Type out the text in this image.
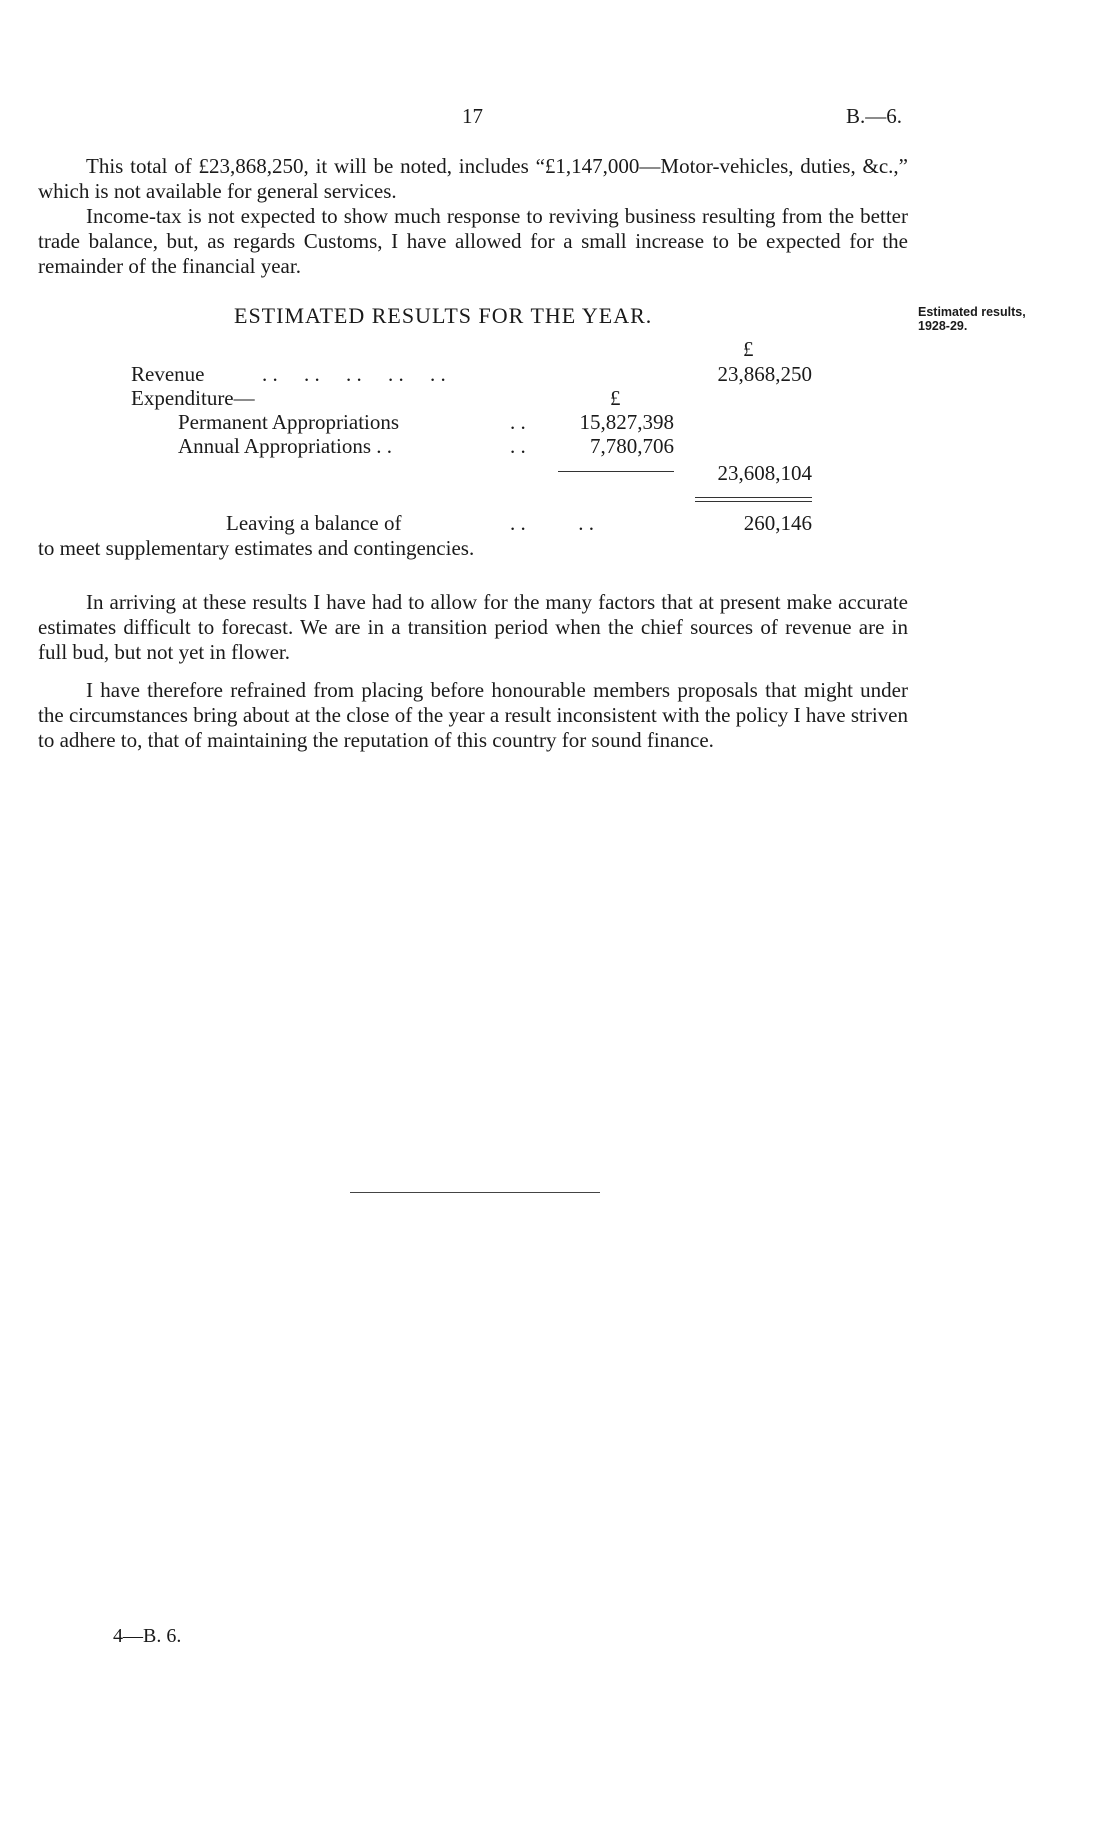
17	B.—6.

This total of £23,868,250, it will be noted, includes “£1,147,000—Motor-vehicles, duties, &c.,” which is not available for general services.

Income-tax is not expected to show much response to reviving business resulting from the better trade balance, but, as regards Customs, I have allowed for a small increase to be expected for the remainder of the financial year.

ESTIMATED RESULTS FOR THE YEAR.	Estimated results,
1928-29.
£
Revenue	. .     . .     . .     . .     . .	23,868,250
Expenditure—	£
Permanent Appropriations	. .	15,827,398
Annual Appropriations . .	. .	7,780,706
23,608,104
Leaving a balance of	. .          . .	260,146
to meet supplementary estimates and contingencies.

In arriving at these results I have had to allow for the many factors that at present make accurate estimates difficult to forecast. We are in a transition period when the chief sources of revenue are in full bud, but not yet in flower.

I have therefore refrained from placing before honourable members proposals that might under the circumstances bring about at the close of the year a result inconsistent with the policy I have striven to adhere to, that of maintaining the reputation of this country for sound finance.

4—B. 6.
